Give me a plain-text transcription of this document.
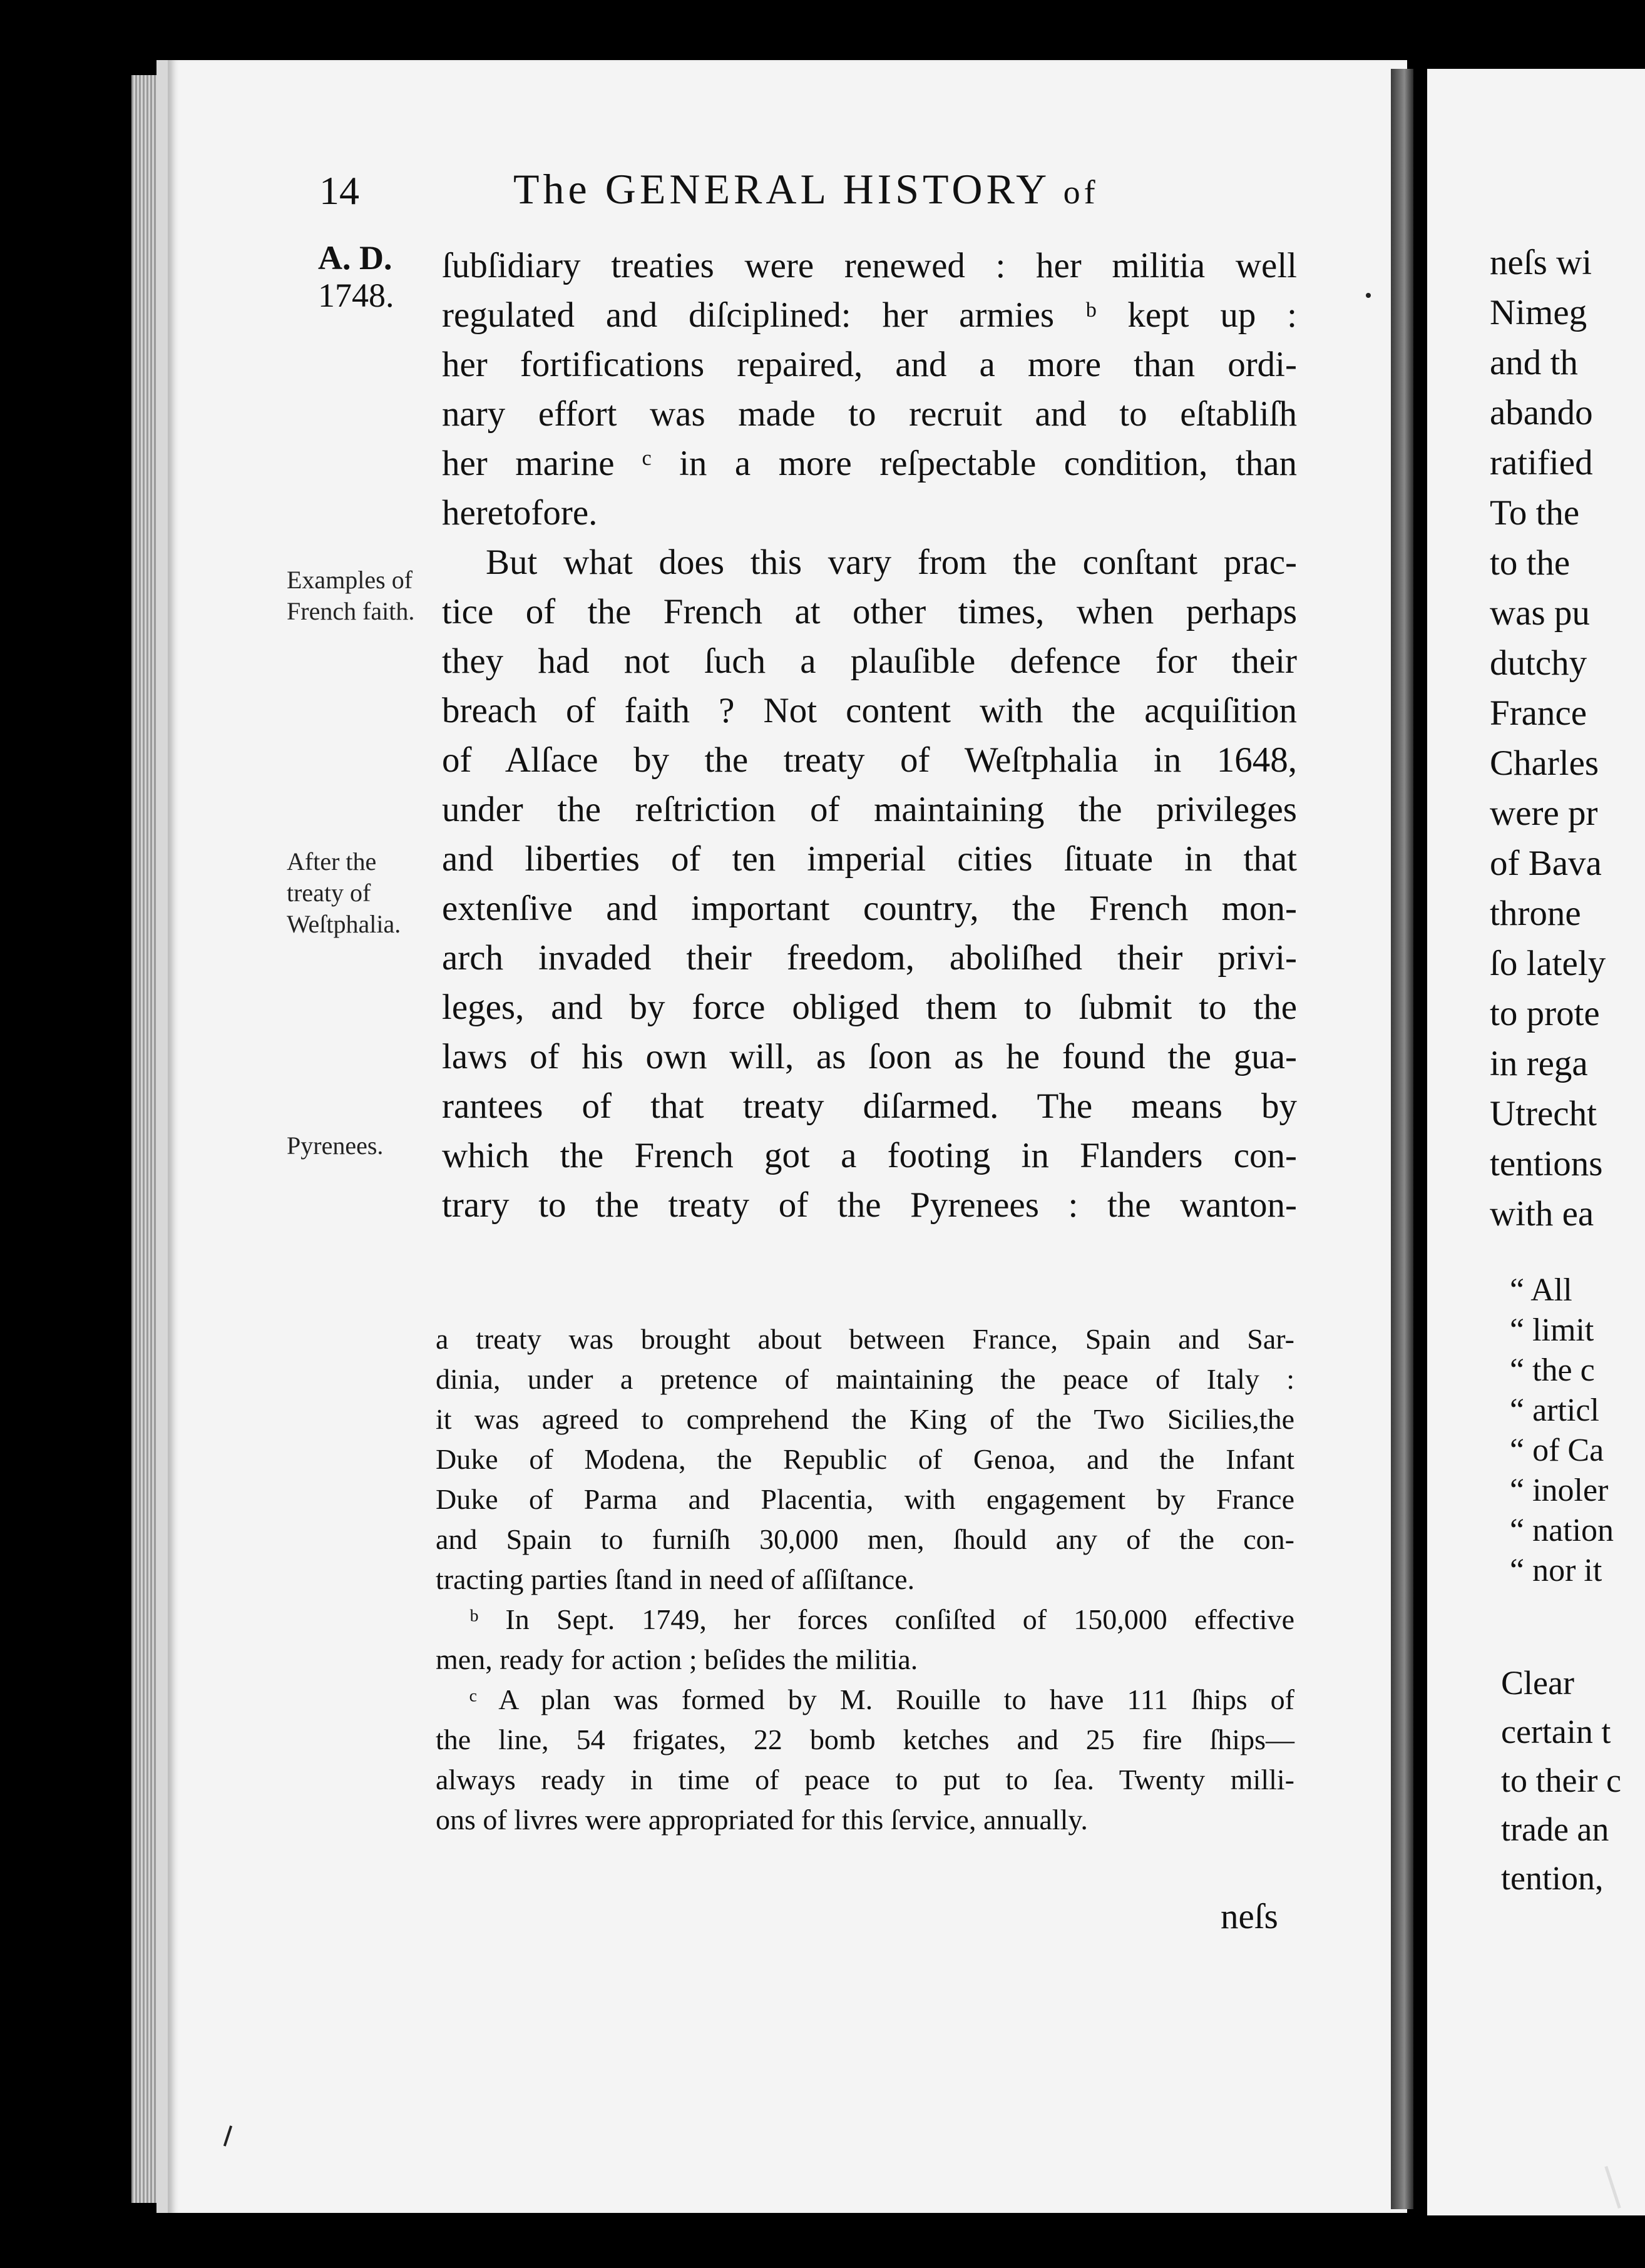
14	The GENERAL HISTORY of
A. D.
1748.
Examples of French faith.
After the treaty of Weſtphalia.
Pyrenees.
ſubſidiary treaties were renewed : her militia well
regulated and diſciplined: her armies ᵇ kept up :
her fortifications repaired, and a more than ordi-
nary effort was made to recruit and to eſtabliſh
her marine ᶜ in a more reſpectable condition, than
heretofore.
But what does this vary from the conſtant prac-
tice of the French at other times, when perhaps
they had not ſuch a plauſible defence for their
breach of faith ? Not content with the acquiſition
of Alſace by the treaty of Weſtphalia in 1648,
under the reſtriction of maintaining the privileges
and liberties of ten imperial cities ſituate in that
extenſive and important country, the French mon-
arch invaded their freedom, aboliſhed their privi-
leges, and by force obliged them to ſubmit to the
laws of his own will, as ſoon as he found the gua-
rantees of that treaty diſarmed. The means by
which the French got a footing in Flanders con-
trary to the treaty of the Pyrenees : the wanton-
a treaty was brought about between France, Spain and Sar-
dinia, under a pretence of maintaining the peace of Italy :
it was agreed to comprehend the King of the Two Sicilies,the
Duke of Modena, the Republic of Genoa, and the Infant
Duke of Parma and Placentia, with engagement by France
and Spain to furniſh 30,000 men, ſhould any of the con-
tracting parties ſtand in need of aſſiſtance.
ᵇ In Sept. 1749, her forces conſiſted of 150,000 effective
men, ready for action ; beſides the militia.
ᶜ A plan was formed by M. Rouille to have 111 ſhips of
the line, 54 frigates, 22 bomb ketches and 25 fire ſhips—
always ready in time of peace to put to ſea. Twenty milli-
ons of livres were appropriated for this ſervice, annually.
neſs
neſs wi
Nimeg
and th
abando
ratified
To the
to the
was pu
dutchy
France
Charles
were pr
of Bava
throne
ſo lately
to prote
in rega
Utrecht
tentions
with ea
“ All
“ limit
“ the c
“ articl
“ of Ca
“ inoler
“ nation
“ nor it
Clear
certain t
to their c
trade an
tention,
